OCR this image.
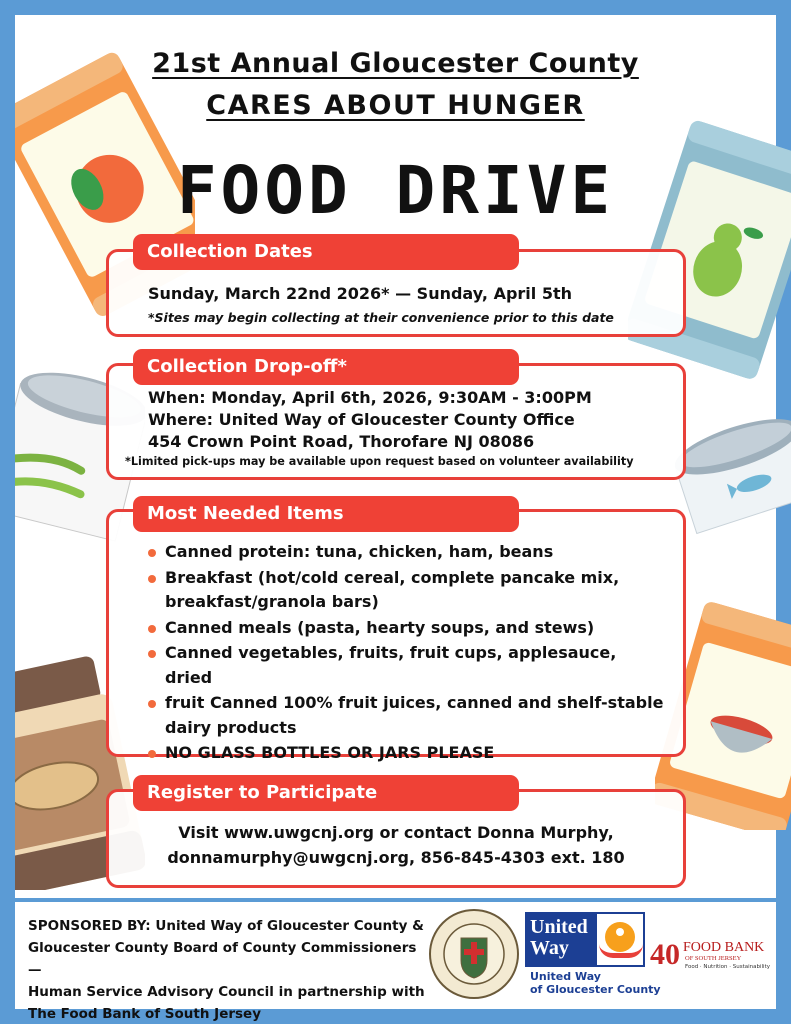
21st Annual Gloucester County
CARES ABOUT HUNGER
FOOD DRIVE
Collection Dates
Sunday, March 22nd 2026* — Sunday, April 5th
*Sites may begin collecting at their convenience prior to this date
Collection Drop-off*
When: Monday, April 6th, 2026, 9:30AM - 3:00PM
Where: United Way of Gloucester County Office
454 Crown Point Road, Thorofare NJ 08086
*Limited pick-ups may be available upon request based on volunteer availability
Most Needed Items
Canned protein: tuna, chicken, ham, beans
Breakfast (hot/cold cereal, complete pancake mix, breakfast/granola bars)
Canned meals (pasta, hearty soups, and stews)
Canned vegetables, fruits, fruit cups, applesauce, dried
fruit Canned 100% fruit juices, canned and shelf-stable dairy products
NO GLASS BOTTLES OR JARS PLEASE
Register to Participate
Visit www.uwgcnj.org or contact Donna Murphy,
donnamurphy@uwgcnj.org, 856-845-4303 ext. 180
SPONSORED BY: United Way of Gloucester County &
Gloucester County Board of County Commissioners —
Human Service Advisory Council in partnership with
The Food Bank of South Jersey
United
Way
United Way
of Gloucester County
40 FOOD BANK
OF SOUTH JERSEY
Food · Nutrition · Sustainability
